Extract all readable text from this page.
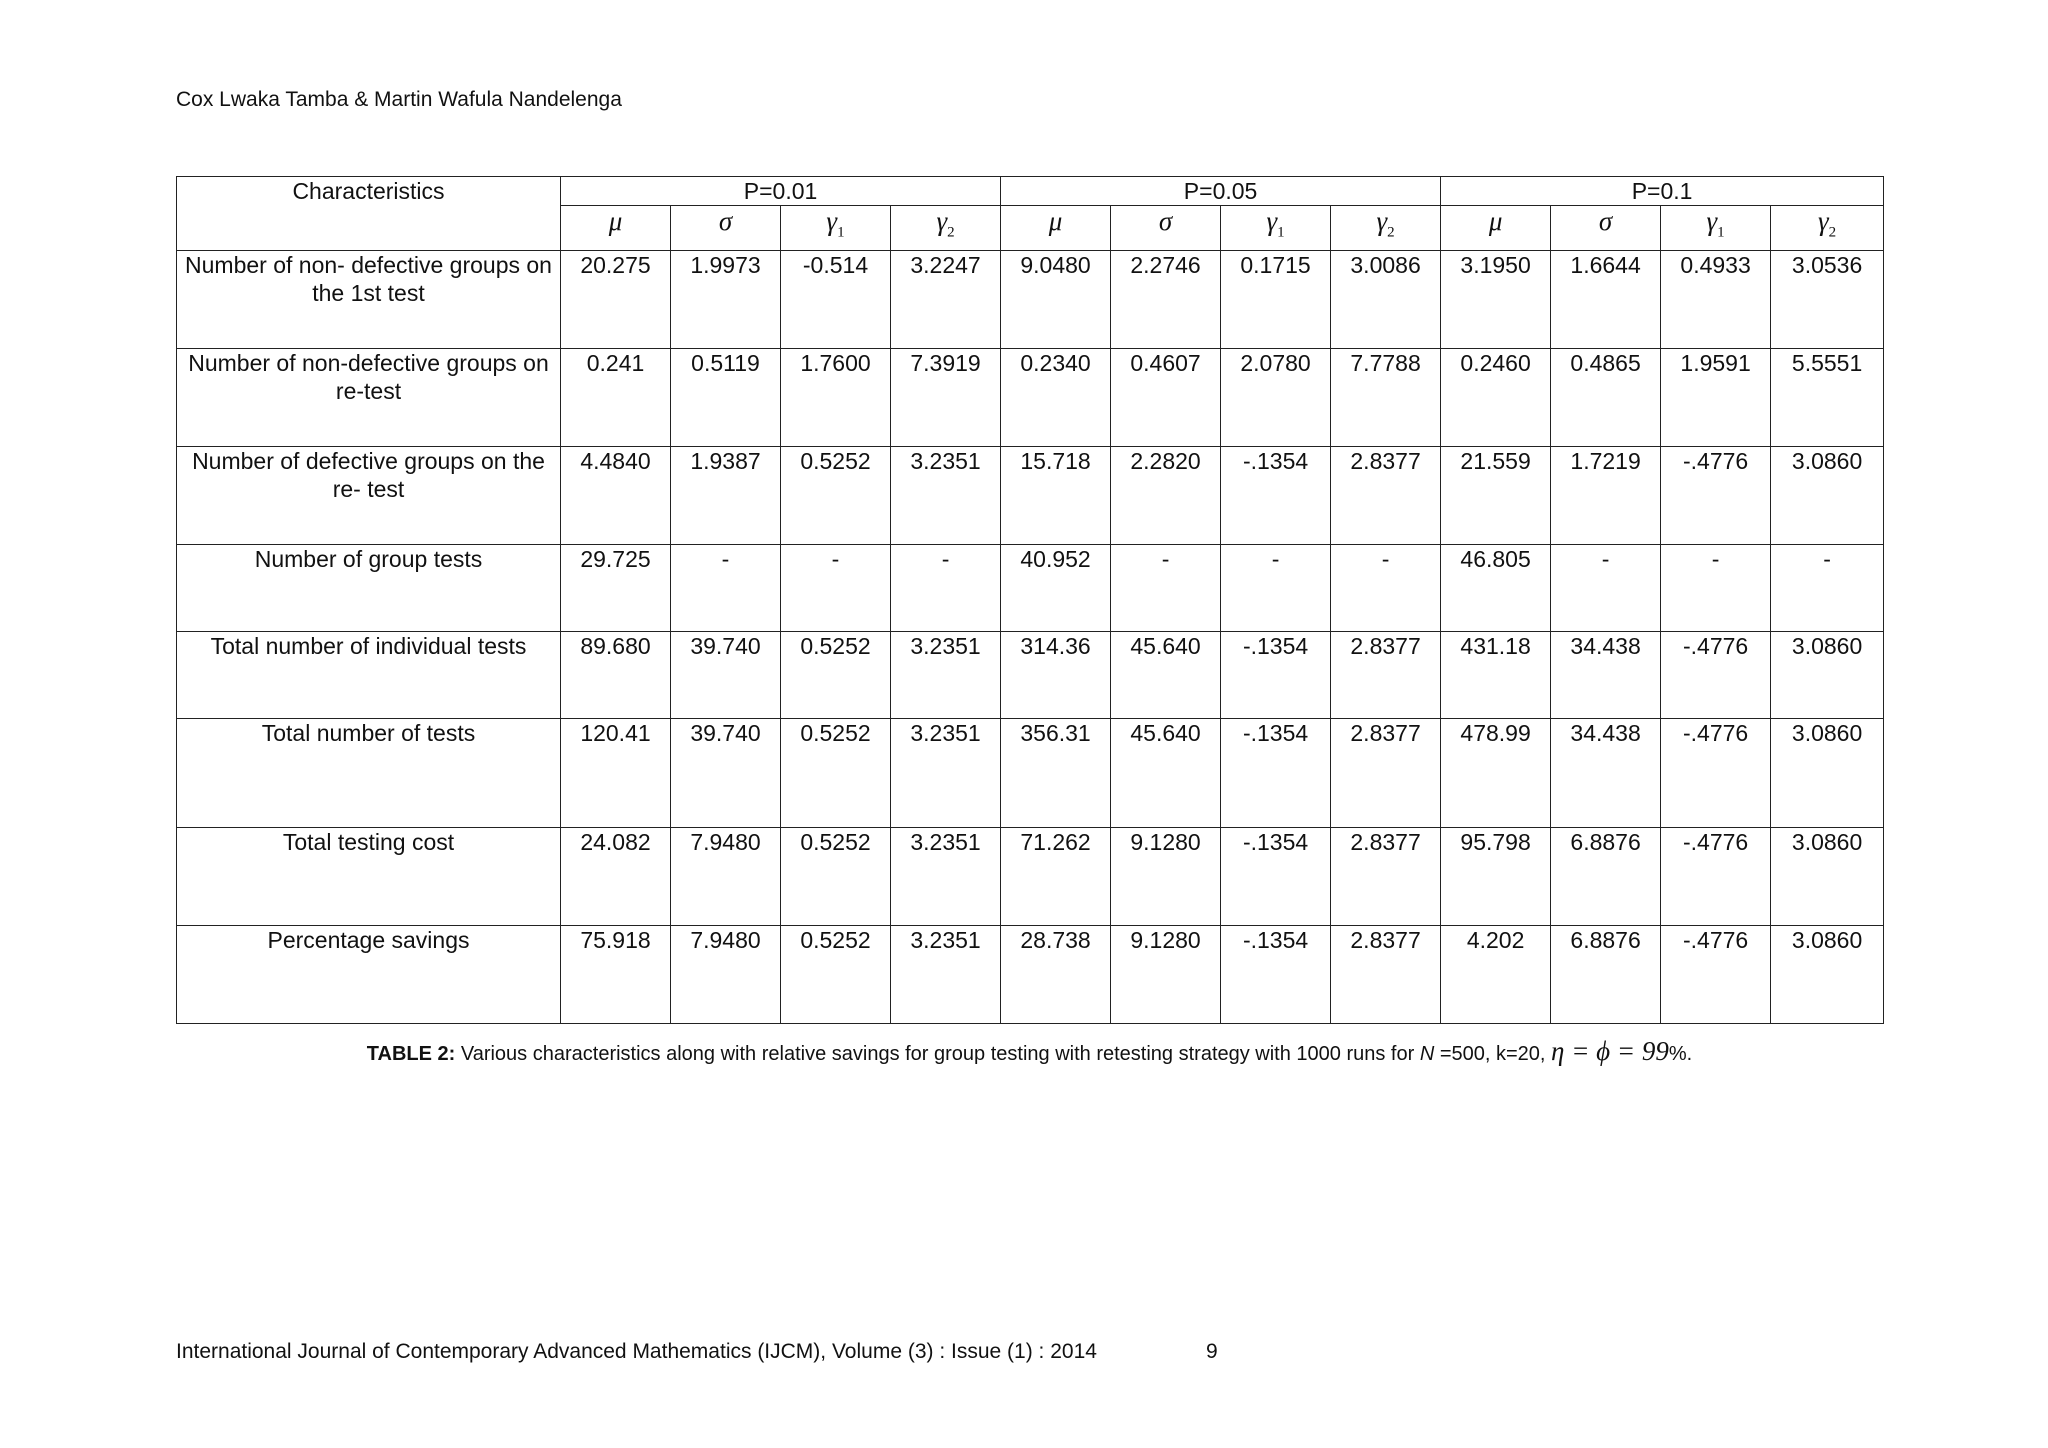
Cox Lwaka Tamba & Martin Wafula Nandelenga
Characteristics	P=0.01				P=0.05				P=0.1			
	μ	σ	$\gamma_1$	$\gamma_2$	μ	σ	$\gamma_1$	$\gamma_2$	μ	σ	$\gamma_1$	$\gamma_2$
Number of non- defective groups on the 1st test	20.275	1.9973	-0.514	3.2247	9.0480	2.2746	0.1715	3.0086	3.1950	1.6644	0.4933	3.0536
Number of non-defective groups on re-test	0.241	0.5119	1.7600	7.3919	0.2340	0.4607	2.0780	7.7788	0.2460	0.4865	1.9591	5.5551
Number of defective groups on the re- test	4.4840	1.9387	0.5252	3.2351	15.718	2.2820	-.1354	2.8377	21.559	1.7219	-.4776	3.0860
Number of group tests	29.725	-	-	-	40.952	-	-	-	46.805	-	-	-
Total number of individual tests	89.680	39.740	0.5252	3.2351	314.36	45.640	-.1354	2.8377	431.18	34.438	-.4776	3.0860
Total number of tests	120.41	39.740	0.5252	3.2351	356.31	45.640	-.1354	2.8377	478.99	34.438	-.4776	3.0860
Total testing cost	24.082	7.9480	0.5252	3.2351	71.262	9.1280	-.1354	2.8377	95.798	6.8876	-.4776	3.0860
Percentage savings	75.918	7.9480	0.5252	3.2351	28.738	9.1280	-.1354	2.8377	4.202	6.8876	-.4776	3.0860
TABLE 2: Various characteristics along with relative savings for group testing with retesting strategy with 1000 runs for N =500, k=20, η = ϕ = 99%.
International Journal of Contemporary Advanced Mathematics (IJCM), Volume (3) : Issue (1) : 2014	9
